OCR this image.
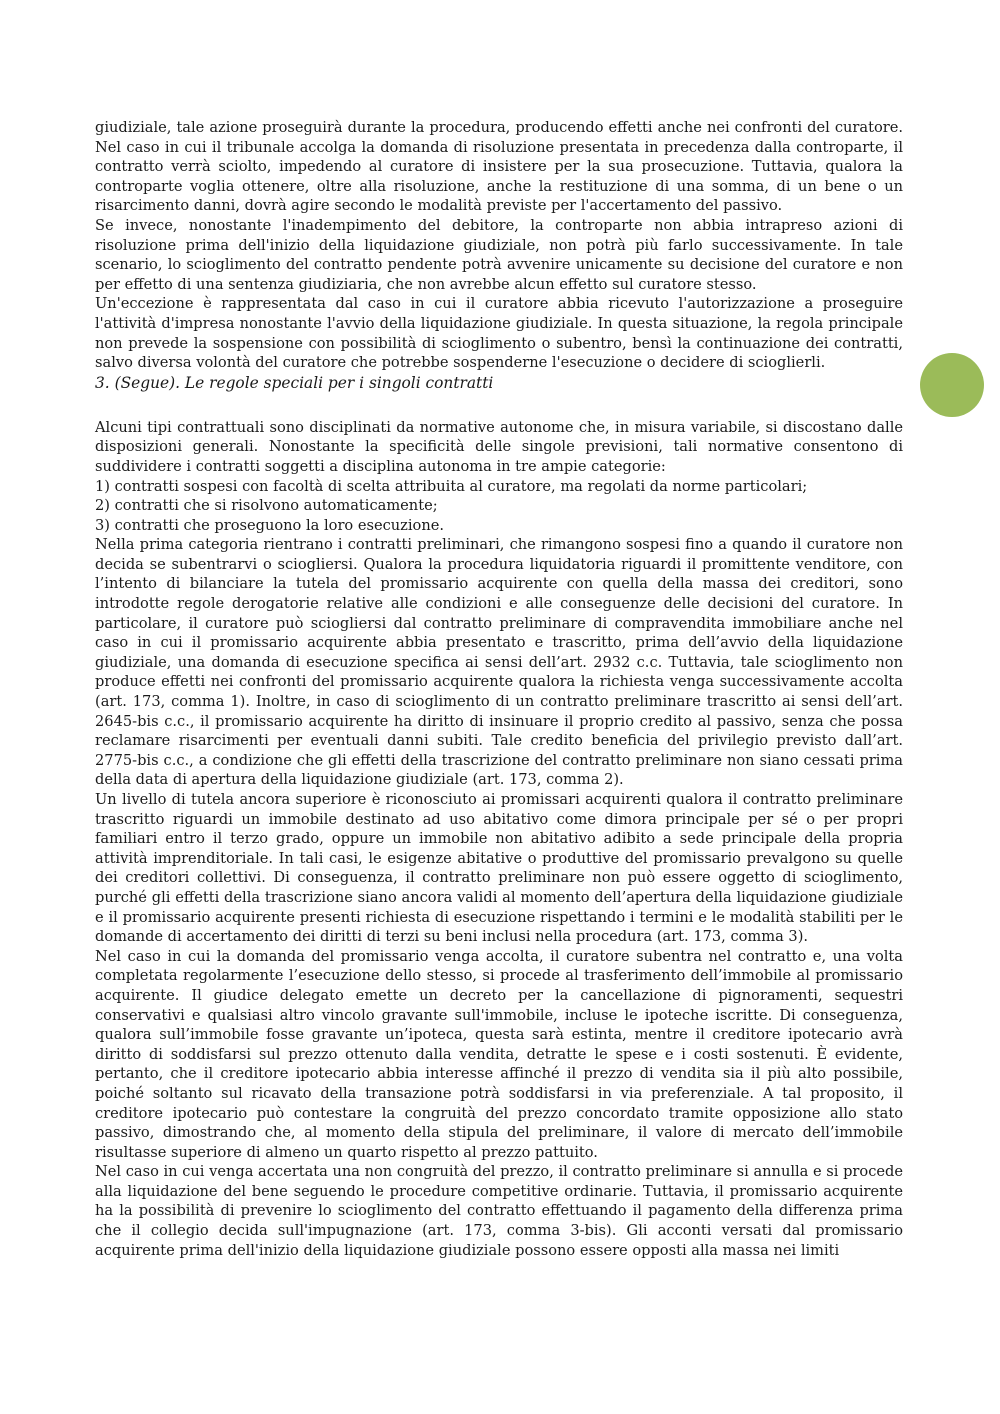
giudiziale, tale azione proseguirà durante la procedura, producendo effetti anche nei confronti del curatore. Nel caso in cui il tribunale accolga la domanda di risoluzione presentata in precedenza dalla controparte, il contratto verrà sciolto, impedendo al curatore di insistere per la sua prosecuzione. Tuttavia, qualora la controparte voglia ottenere, oltre alla risoluzione, anche la restituzione di una somma, di un bene o un risarcimento danni, dovrà agire secondo le modalità previste per l'accertamento del passivo.

Se invece, nonostante l'inadempimento del debitore, la controparte non abbia intrapreso azioni di risoluzione prima dell'inizio della liquidazione giudiziale, non potrà più farlo successivamente. In tale scenario, lo scioglimento del contratto pendente potrà avvenire unicamente su decisione del curatore e non per effetto di una sentenza giudiziaria, che non avrebbe alcun effetto sul curatore stesso.

Un'eccezione è rappresentata dal caso in cui il curatore abbia ricevuto l'autorizzazione a proseguire l'attività d'impresa nonostante l'avvio della liquidazione giudiziale. In questa situazione, la regola principale non prevede la sospensione con possibilità di scioglimento o subentro, bensì la continuazione dei contratti, salvo diversa volontà del curatore che potrebbe sospenderne l'esecuzione o decidere di scioglierli.

3. (Segue). Le regole speciali per i singoli contratti

Alcuni tipi contrattuali sono disciplinati da normative autonome che, in misura variabile, si discostano dalle disposizioni generali. Nonostante la specificità delle singole previsioni, tali normative consentono di suddividere i contratti soggetti a disciplina autonoma in tre ampie categorie:

1) contratti sospesi con facoltà di scelta attribuita al curatore, ma regolati da norme particolari;

2) contratti che si risolvono automaticamente;

3) contratti che proseguono la loro esecuzione.

Nella prima categoria rientrano i contratti preliminari, che rimangono sospesi fino a quando il curatore non decida se subentrarvi o sciogliersi. Qualora la procedura liquidatoria riguardi il promittente venditore, con l’intento di bilanciare la tutela del promissario acquirente con quella della massa dei creditori, sono introdotte regole derogatorie relative alle condizioni e alle conseguenze delle decisioni del curatore. In particolare, il curatore può sciogliersi dal contratto preliminare di compravendita immobiliare anche nel caso in cui il promissario acquirente abbia presentato e trascritto, prima dell’avvio della liquidazione giudiziale, una domanda di esecuzione specifica ai sensi dell’art. 2932 c.c. Tuttavia, tale scioglimento non produce effetti nei confronti del promissario acquirente qualora la richiesta venga successivamente accolta (art. 173, comma 1). Inoltre, in caso di scioglimento di un contratto preliminare trascritto ai sensi dell’art. 2645-bis c.c., il promissario acquirente ha diritto di insinuare il proprio credito al passivo, senza che possa reclamare risarcimenti per eventuali danni subiti. Tale credito beneficia del privilegio previsto dall’art. 2775-bis c.c., a condizione che gli effetti della trascrizione del contratto preliminare non siano cessati prima della data di apertura della liquidazione giudiziale (art. 173, comma 2).

Un livello di tutela ancora superiore è riconosciuto ai promissari acquirenti qualora il contratto preliminare trascritto riguardi un immobile destinato ad uso abitativo come dimora principale per sé o per propri familiari entro il terzo grado, oppure un immobile non abitativo adibito a sede principale della propria attività imprenditoriale. In tali casi, le esigenze abitative o produttive del promissario prevalgono su quelle dei creditori collettivi. Di conseguenza, il contratto preliminare non può essere oggetto di scioglimento, purché gli effetti della trascrizione siano ancora validi al momento dell’apertura della liquidazione giudiziale e il promissario acquirente presenti richiesta di esecuzione rispettando i termini e le modalità stabiliti per le domande di accertamento dei diritti di terzi su beni inclusi nella procedura (art. 173, comma 3).

Nel caso in cui la domanda del promissario venga accolta, il curatore subentra nel contratto e, una volta completata regolarmente l’esecuzione dello stesso, si procede al trasferimento dell’immobile al promissario acquirente. Il giudice delegato emette un decreto per la cancellazione di pignoramenti, sequestri conservativi e qualsiasi altro vincolo gravante sull'immobile, incluse le ipoteche iscritte. Di conseguenza, qualora sull’immobile fosse gravante un’ipoteca, questa sarà estinta, mentre il creditore ipotecario avrà diritto di soddisfarsi sul prezzo ottenuto dalla vendita, detratte le spese e i costi sostenuti. È evidente, pertanto, che il creditore ipotecario abbia interesse affinché il prezzo di vendita sia il più alto possibile, poiché soltanto sul ricavato della transazione potrà soddisfarsi in via preferenziale. A tal proposito, il creditore ipotecario può contestare la congruità del prezzo concordato tramite opposizione allo stato passivo, dimostrando che, al momento della stipula del preliminare, il valore di mercato dell’immobile risultasse superiore di almeno un quarto rispetto al prezzo pattuito.

Nel caso in cui venga accertata una non congruità del prezzo, il contratto preliminare si annulla e si procede alla liquidazione del bene seguendo le procedure competitive ordinarie. Tuttavia, il promissario acquirente ha la possibilità di prevenire lo scioglimento del contratto effettuando il pagamento della differenza prima che il collegio decida sull'impugnazione (art. 173, comma 3-bis). Gli acconti versati dal promissario acquirente prima dell'inizio della liquidazione giudiziale possono essere opposti alla massa nei limiti
